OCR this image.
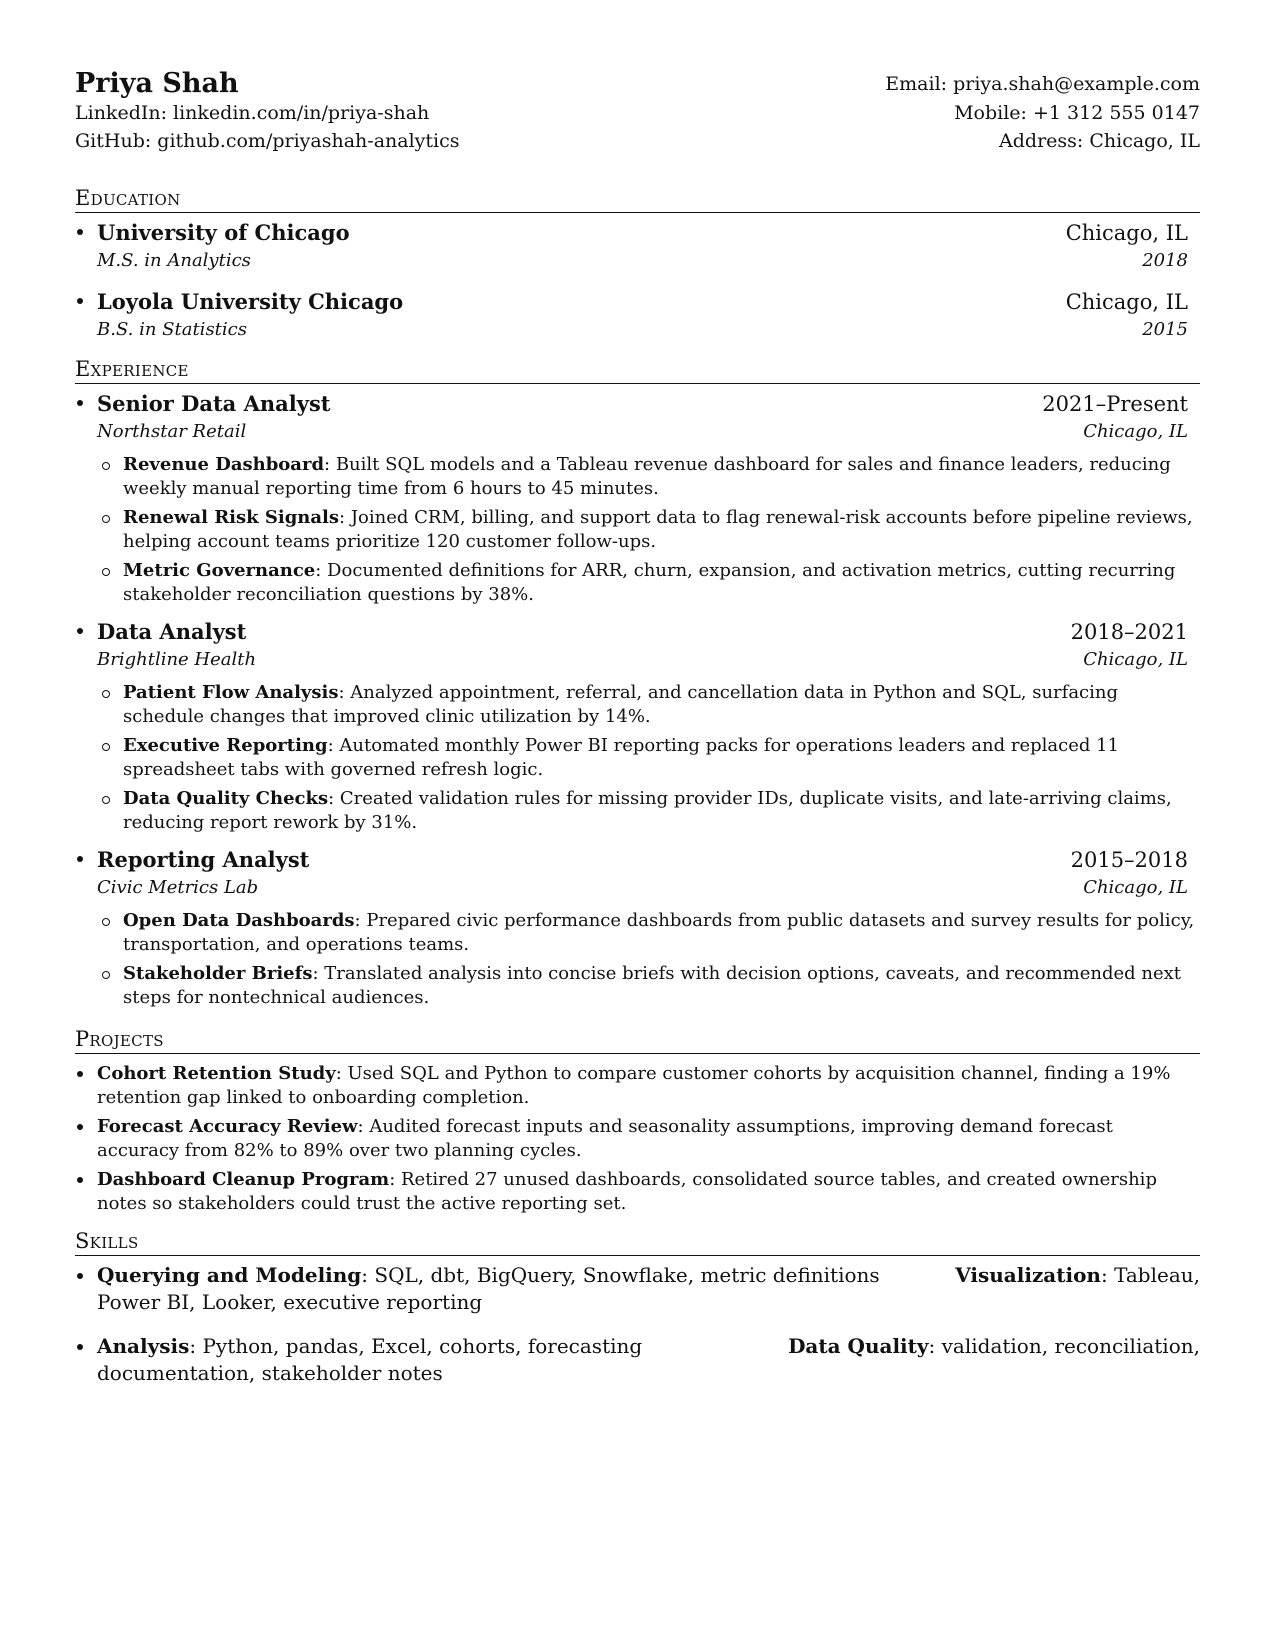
Priya Shah
LinkedIn: linkedin.com/in/priya-shah
GitHub: github.com/priyashah-analytics
Email: priya.shah@example.com
Mobile: +1 312 555 0147
Address: Chicago, IL
Education
University of Chicago	Chicago, IL
M.S. in Analytics	2018
Loyola University Chicago	Chicago, IL
B.S. in Statistics	2015
Experience
Senior Data Analyst	2021–Present
Northstar Retail	Chicago, IL
Revenue Dashboard: Built SQL models and a Tableau revenue dashboard for sales and finance leaders, reducing weekly manual reporting time from 6 hours to 45 minutes.
Renewal Risk Signals: Joined CRM, billing, and support data to flag renewal-risk accounts before pipeline reviews, helping account teams prioritize 120 customer follow-ups.
Metric Governance: Documented definitions for ARR, churn, expansion, and activation metrics, cutting recurring stakeholder reconciliation questions by 38%.
Data Analyst	2018–2021
Brightline Health	Chicago, IL
Patient Flow Analysis: Analyzed appointment, referral, and cancellation data in Python and SQL, surfacing schedule changes that improved clinic utilization by 14%.
Executive Reporting: Automated monthly Power BI reporting packs for operations leaders and replaced 11 spreadsheet tabs with governed refresh logic.
Data Quality Checks: Created validation rules for missing provider IDs, duplicate visits, and late-arriving claims, reducing report rework by 31%.
Reporting Analyst	2015–2018
Civic Metrics Lab	Chicago, IL
Open Data Dashboards: Prepared civic performance dashboards from public datasets and survey results for policy, transportation, and operations teams.
Stakeholder Briefs: Translated analysis into concise briefs with decision options, caveats, and recommended next steps for nontechnical audiences.
Projects
Cohort Retention Study: Used SQL and Python to compare customer cohorts by acquisition channel, finding a 19% retention gap linked to onboarding completion.
Forecast Accuracy Review: Audited forecast inputs and seasonality assumptions, improving demand forecast accuracy from 82% to 89% over two planning cycles.
Dashboard Cleanup Program: Retired 27 unused dashboards, consolidated source tables, and created ownership notes so stakeholders could trust the active reporting set.
Skills
Querying and Modeling: SQL, dbt, BigQuery, Snowflake, metric definitions	Visualization: Tableau,
Power BI, Looker, executive reporting
Analysis: Python, pandas, Excel, cohorts, forecasting	Data Quality: validation, reconciliation,
documentation, stakeholder notes
